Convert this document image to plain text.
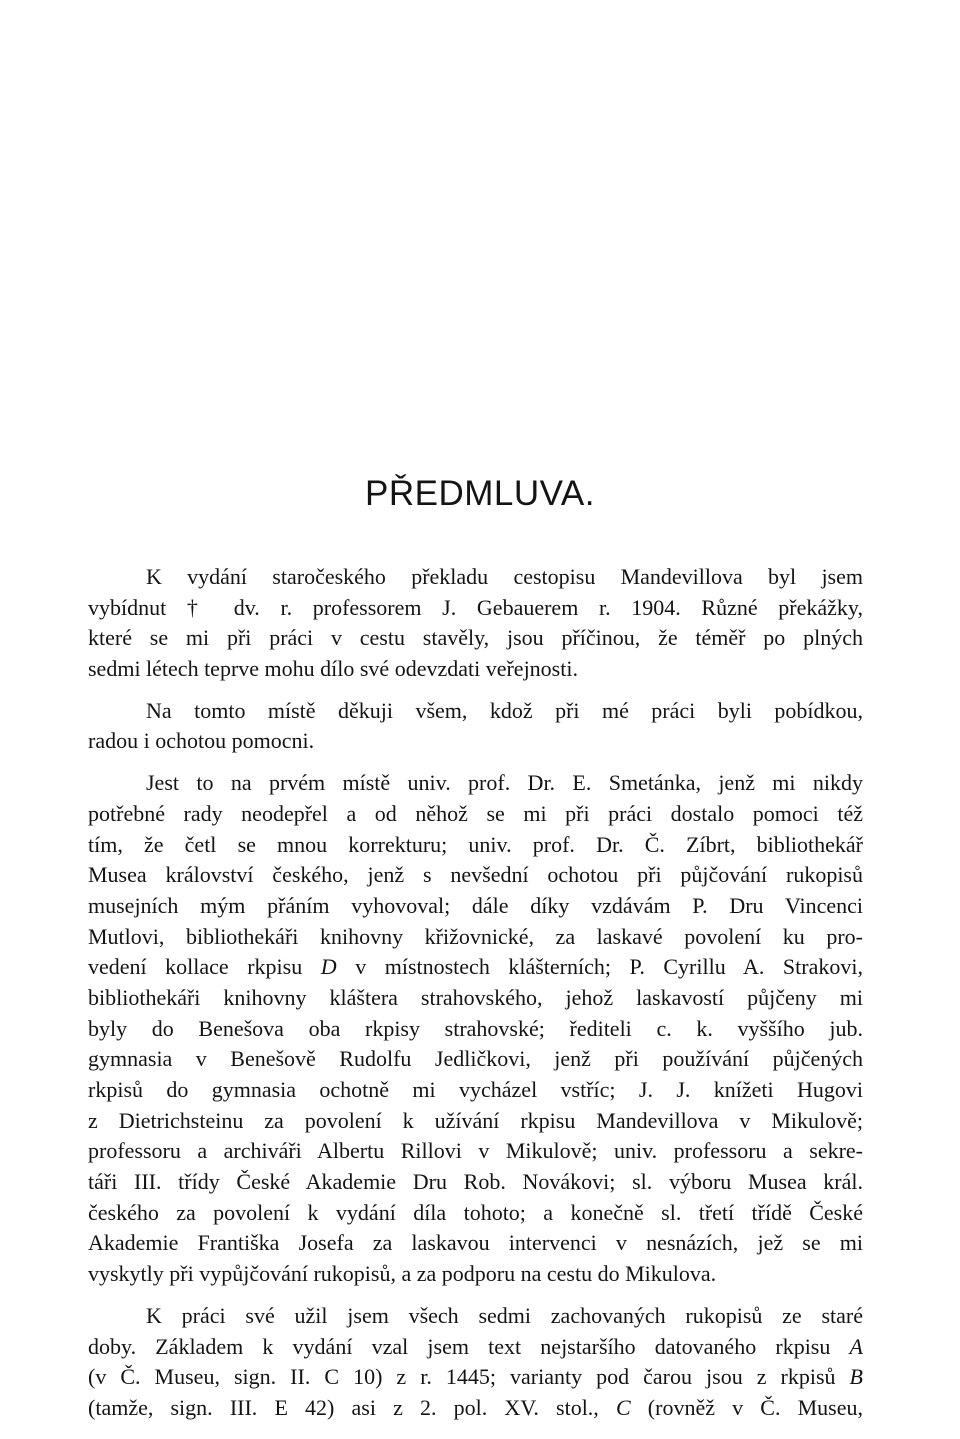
PŘEDMLUVA.
K vydání staročeského překladu cestopisu Mandevillova byl jsem
vybídnut † dv. r. professorem J. Gebauerem r. 1904. Různé překážky,
které se mi při práci v cestu stavěly, jsou příčinou, že téměř po plných
sedmi létech teprve mohu dílo své odevzdati veřejnosti.
Na tomto místě děkuji všem, kdož při mé práci byli pobídkou,
radou i ochotou pomocni.
Jest to na prvém místě univ. prof. Dr. E. Smetánka, jenž mi nikdy
potřebné rady neodepřel a od něhož se mi při práci dostalo pomoci též
tím, že četl se mnou korrekturu; univ. prof. Dr. Č. Zíbrt, bibliothekář
Musea království českého, jenž s nevšední ochotou při půjčování rukopisů
musejních mým přáním vyhovoval; dále díky vzdávám P. Dru Vincenci
Mutlovi, bibliothekáři knihovny křižovnické, za laskavé povolení ku pro-
vedení kollace rkpisu D v místnostech klášterních; P. Cyrillu A. Strakovi,
bibliothekáři knihovny kláštera strahovského, jehož laskavostí půjčeny mi
byly do Benešova oba rkpisy strahovské; řediteli c. k. vyššího jub.
gymnasia v Benešově Rudolfu Jedličkovi, jenž při používání půjčených
rkpisů do gymnasia ochotně mi vycházel vstříc; J. J. knížeti Hugovi
z Dietrichsteinu za povolení k užívání rkpisu Mandevillova v Mikulově;
professoru a archiváři Albertu Rillovi v Mikulově; univ. professoru a sekre-
táři III. třídy České Akademie Dru Rob. Novákovi; sl. výboru Musea král.
českého za povolení k vydání díla tohoto; a konečně sl. třetí třídě České
Akademie Františka Josefa za laskavou intervenci v nesnázích, jež se mi
vyskytly při vypůjčování rukopisů, a za podporu na cestu do Mikulova.
K práci své užil jsem všech sedmi zachovaných rukopisů ze staré
doby. Základem k vydání vzal jsem text nejstaršího datovaného rkpisu A
(v Č. Museu, sign. II. C 10) z r. 1445; varianty pod čarou jsou z rkpisů B
(tamže, sign. III. E 42) asi z 2. pol. XV. stol., C (rovněž v Č. Museu,
